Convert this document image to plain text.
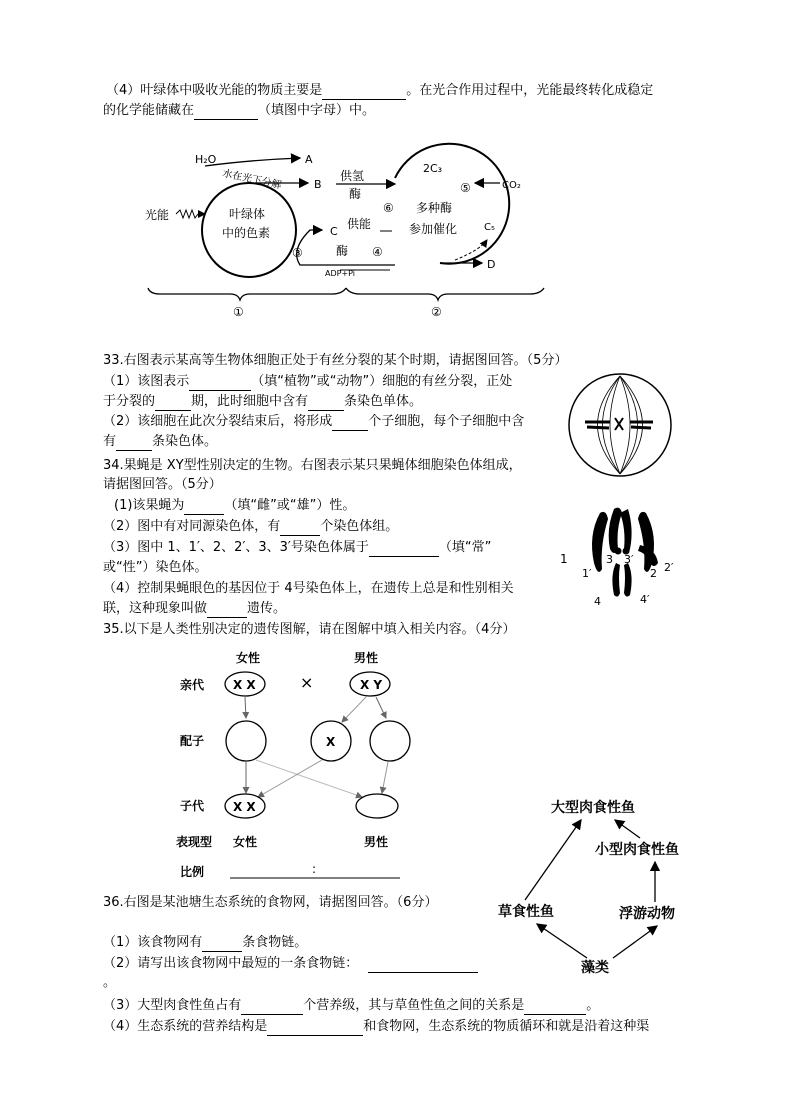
（4）叶绿体中吸收光能的物质主要是	。在光合作用过程中，光能最终转化成稳定
的化学能储藏在	（填图中字母）中。
H₂O
水在光下分解
A
B
光能	叶绿体
中的色素
③
C
ADP+Pi
供氢
酶
供能
酶 ④
⑥ 多种酶
参加催化
2C₃
⑤	CO₂
C₅
D
①	②
33.右图表示某高等生物体细胞正处于有丝分裂的某个时期，请据图回答。（5分）
（1）该图表示	（填“植物”或“动物”）细胞的有丝分裂，正处
于分裂的	期，此时细胞中含有	条染色单体。
（2）该细胞在此次分裂结束后，将形成	个子细胞，每个子细胞中含
有	条染色体。
34.果蝇是 XY型性别决定的生物。右图表示某只果蝇体细胞染色体组成，
请据图回答。（5分）
(1)该果蝇为	（填“雌”或“雄”）性。
（2）图中有对同源染色体，有	个染色体组。
（3）图中 1、1′、2、2′、3、3′号染色体属于	（填“常”
或“性”）染色体。
（4）控制果蝇眼色的基因位于 4号染色体上，在遗传上总是和性别相关
联，这种现象叫做	遗传。
1
1′
3 3′
2 2′
4	4′
35.以下是人类性别决定的遗传图解，请在图解中填入相关内容。（4分）
女性	男性
亲代
配子
子代
表现型
比例
X X	×	X Y
X
X X
女性	男性
:
36.右图是某池塘生态系统的食物网，请据图回答。（6分）
（1）该食物网有	条食物链。
（2）请写出该食物网中最短的一条食物链：
。
（3）大型肉食性鱼占有	个营养级，其与草鱼性鱼之间的关系是	。
（4）生态系统的营养结构是	和食物网，生态系统的物质循环和就是沿着这种渠
大型肉食性鱼
小型肉食性鱼
草食性鱼	浮游动物
藻类
